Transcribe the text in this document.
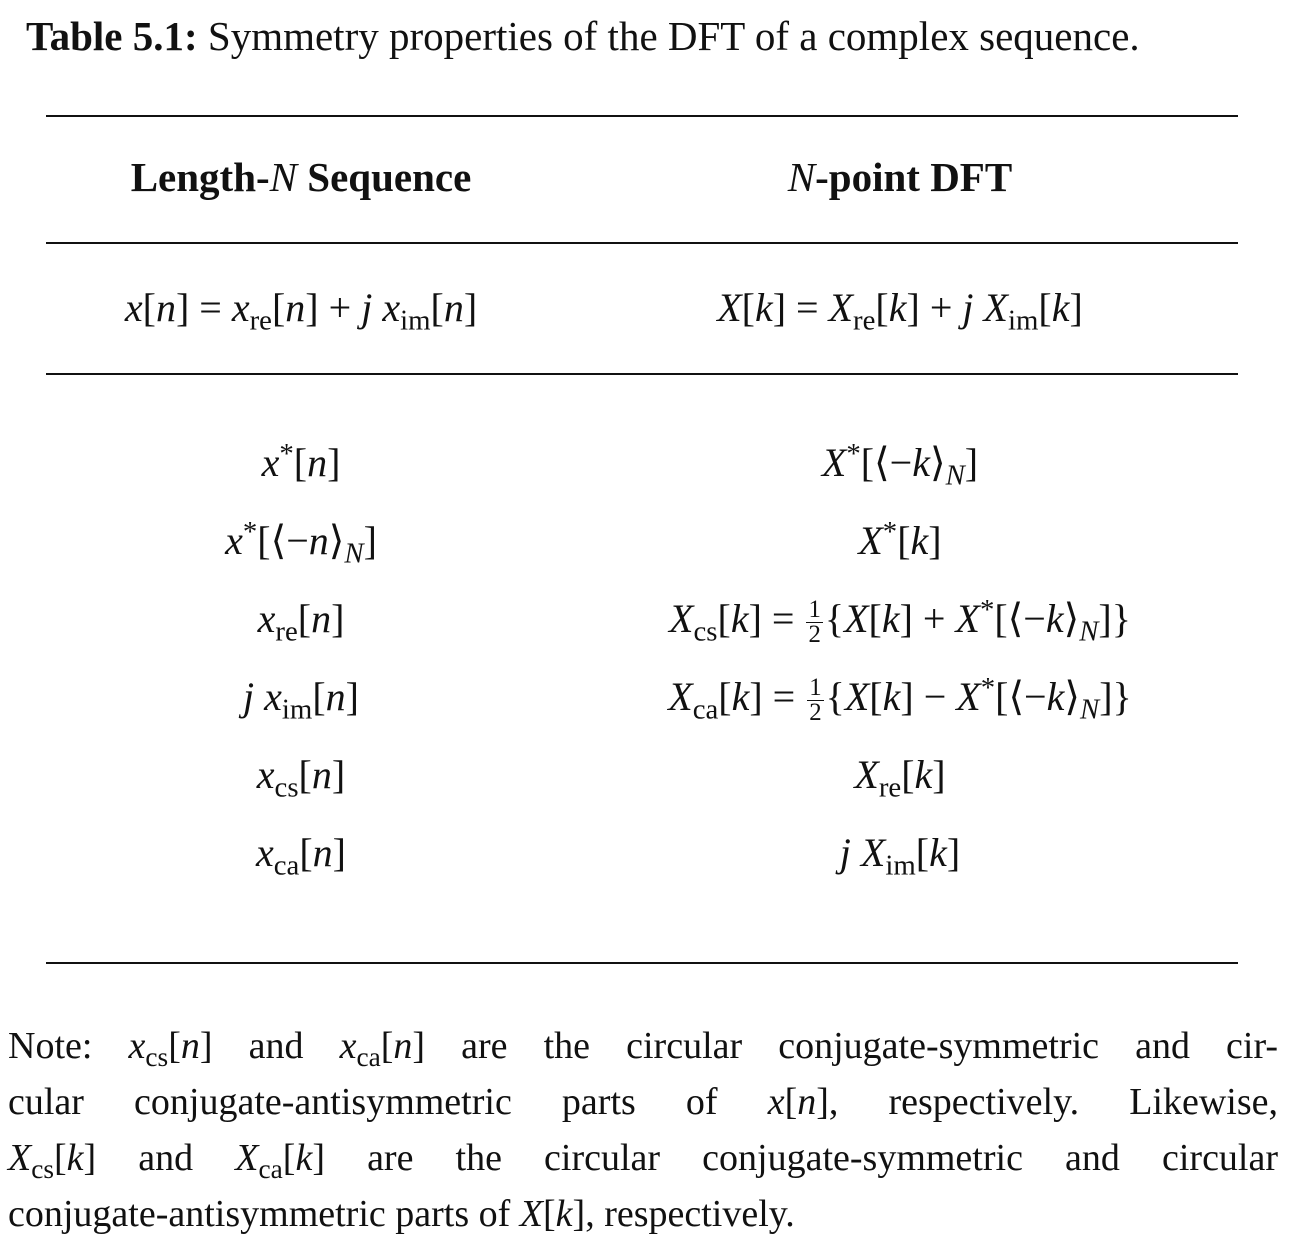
Table 5.1: Symmetry properties of the DFT of a complex sequence.
Length-N Sequence	N-point DFT
$x[n] = x_{re}[n] + j$ $x_{im}[n]$	$X[k] = X_{re}[k] + j$ $X_{im}[k]$
x*[n]	$X^*[⟨-k⟩_N]$
$x^*[⟨-n⟩_N]$	X*[k]
$x_{re}[n]$	$X_{cs}[k] = \frac{1}{2} \{X[k]$ + $X^*[⟨-k⟩_N]$}
j $x_{im}[n]$	$X_{ca}[k] = \frac{1}{2} \{X[k]$ − $X^*[⟨-k⟩_N]$}
$x_{cs}[n]$	$X_{re}[k]$
$x_{ca}[n]$	j $X_{im}[k]$
Note: $x_{cs}[n]$ and $x_{ca}[n]$ are the circular conjugate-symmetric and cir-
cular conjugate-antisymmetric parts of x[n], respectively. Likewise,
$X_{cs}[k]$ and $X_{ca}[k]$ are the circular conjugate-symmetric and circular
conjugate-antisymmetric parts of X[k], respectively.
